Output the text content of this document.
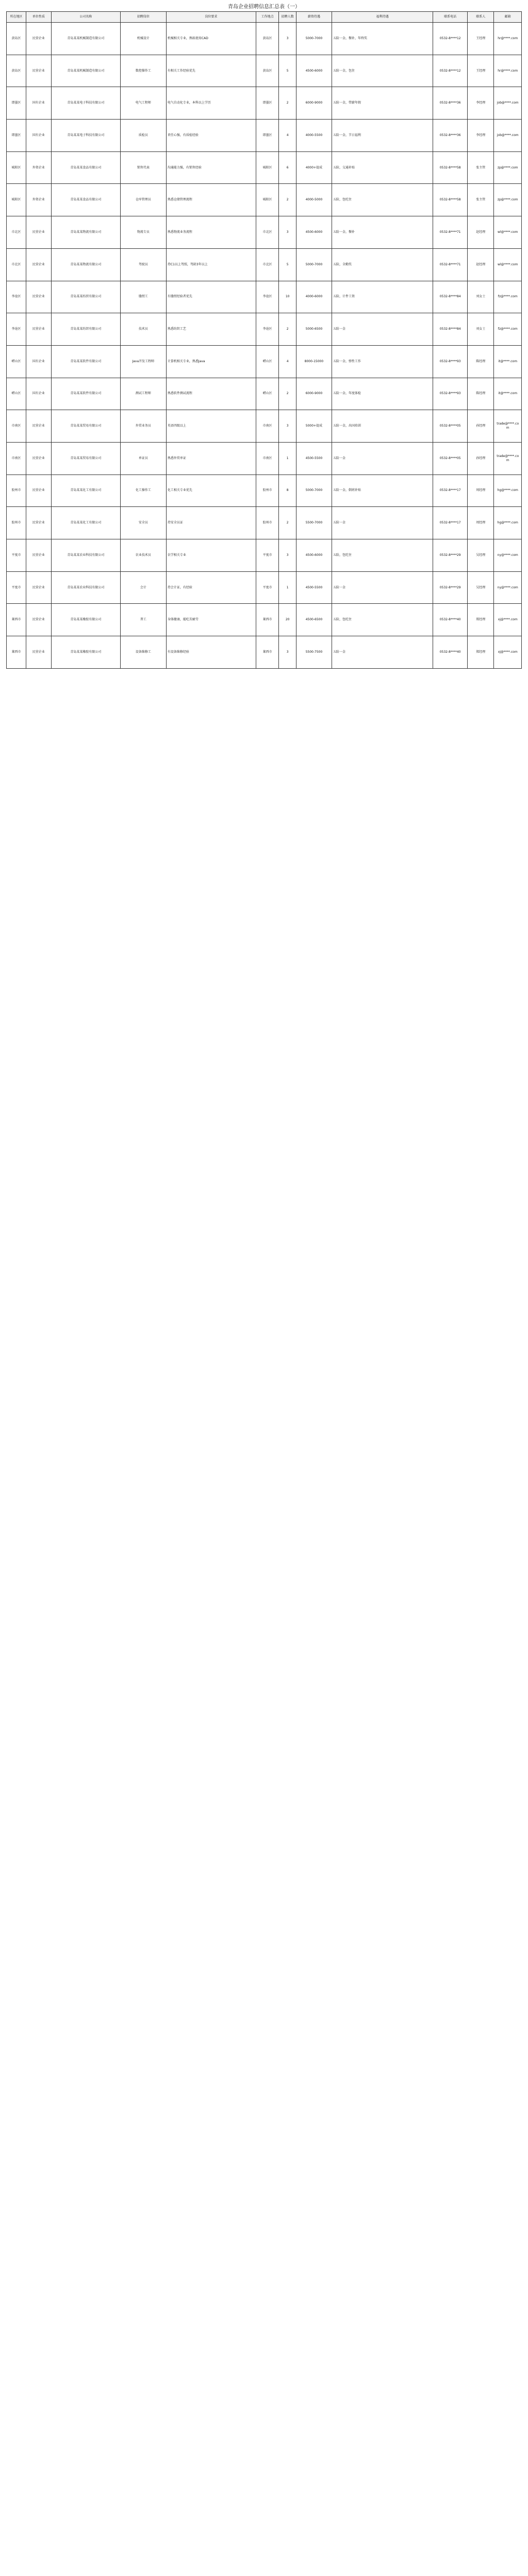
青岛企业招聘信息汇总表（一）
所在地区	单位性质	公司名称	招聘岗位	岗位要求	工作地点	招聘人数	薪资待遇	福利待遇	联系电话	联系人	邮箱
黄岛区	民营企业	青岛某某机械制造有限公司	机械设计	机械相关专业，熟练使用CAD	黄岛区	3	5000-7000	五险一金，餐补，年终奖	0532-8****12	王经理	hr@****.com
黄岛区	民营企业	青岛某某机械制造有限公司	数控操作工	有相关工作经验优先	黄岛区	5	4500-6000	五险一金，包住	0532-8****12	王经理	hr@****.com
即墨区	国有企业	青岛某某电子科技有限公司	电气工程师	电气自动化专业，本科以上学历	即墨区	2	6000-9000	五险一金，带薪年假	0532-8****36	李经理	job@****.com
即墨区	国有企业	青岛某某电子科技有限公司	质检员	责任心强，有质检经验	即墨区	4	4000-5500	五险一金，节日福利	0532-8****36	李经理	job@****.com
城阳区	外资企业	青岛某某食品有限公司	销售代表	沟通能力强，有销售经验	城阳区	6	4000+提成	五险，交通补贴	0532-8****58	张主管	zp@****.com
城阳区	外资企业	青岛某某食品有限公司	仓库管理员	熟悉仓储管理流程	城阳区	2	4000-5000	五险，包吃住	0532-8****58	张主管	zp@****.com
市北区	民营企业	青岛某某物流有限公司	物流专员	熟悉物流业务流程	市北区	3	4500-6000	五险一金，餐补	0532-8****71	赵经理	wl@****.com
市北区	民营企业	青岛某某物流有限公司	驾驶员	持C1以上驾照，驾龄3年以上	市北区	5	5000-7000	五险，全勤奖	0532-8****71	赵经理	wl@****.com
李沧区	民营企业	青岛某某纺织有限公司	缝纫工	有缝纫经验者优先	李沧区	10	4000-6000	五险，计件工资	0532-8****84	刘女士	fz@****.com
李沧区	民营企业	青岛某某纺织有限公司	技术员	熟悉纺织工艺	李沧区	2	5000-6500	五险一金	0532-8****84	刘女士	fz@****.com
崂山区	国有企业	青岛某某软件有限公司	Java开发工程师	计算机相关专业，熟悉Java	崂山区	4	8000-15000	五险一金，弹性工作	0532-8****93	陈经理	it@****.com
崂山区	国有企业	青岛某某软件有限公司	测试工程师	熟悉软件测试流程	崂山区	2	6000-9000	五险一金，年度体检	0532-8****93	陈经理	it@****.com
市南区	民营企业	青岛某某贸易有限公司	外贸业务员	英语四级以上	市南区	3	5000+提成	五险一金，出国培训	0532-8****05	孙经理	trade@****.com
市南区	民营企业	青岛某某贸易有限公司	单证员	熟悉外贸单证	市南区	1	4500-5500	五险一金	0532-8****05	孙经理	trade@****.com
胶州市	民营企业	青岛某某化工有限公司	化工操作工	化工相关专业优先	胶州市	8	5000-7000	五险一金，倒班补贴	0532-8****17	周经理	hg@****.com
胶州市	民营企业	青岛某某化工有限公司	安全员	持安全员证	胶州市	2	5500-7000	五险一金	0532-8****17	周经理	hg@****.com
平度市	民营企业	青岛某某农业科技有限公司	农业技术员	农学相关专业	平度市	3	4500-6000	五险，包吃住	0532-8****29	吴经理	ny@****.com
平度市	民营企业	青岛某某农业科技有限公司	会计	持会计证，有经验	平度市	1	4500-5500	五险一金	0532-8****29	吴经理	ny@****.com
莱西市	民营企业	青岛某某橡胶有限公司	普工	身体健康，能吃苦耐劳	莱西市	20	4500-6500	五险，包吃住	0532-8****40	郑经理	xj@****.com
莱西市	民营企业	青岛某某橡胶有限公司	设备维修工	有设备维修经验	莱西市	3	5500-7500	五险一金	0532-8****40	郑经理	xj@****.com
